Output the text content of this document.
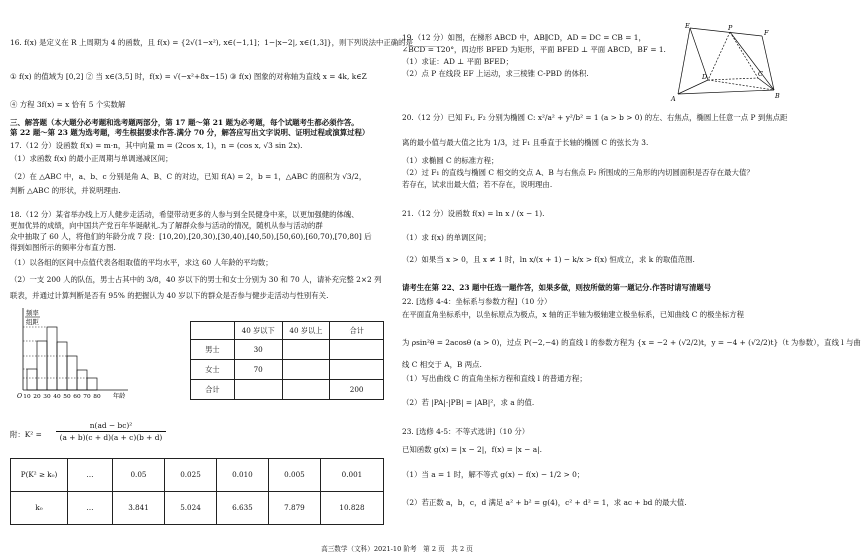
16. f(x) 是定义在 R 上周期为 4 的函数，且 f(x) = {2√(1−x²), x∈(−1,1]；1−|x−2|, x∈(1,3]}，则下列说法中正确的是________
① f(x) 的值域为 [0,2] ② 当 x∈(3,5] 时，f(x) = √(−x²+8x−15) ③ f(x) 图象的对称轴为直线 x = 4k, k∈Z
④ 方程 3f(x) = x 恰有 5 个实数解
三、解答题（本大题分必考题和选考题两部分，第 17 题～第 21 题为必考题，每个试题考生都必须作答。
第 22 题～第 23 题为选考题，考生根据要求作答.满分 70 分，解答应写出文字说明、证明过程或演算过程）
17.（12 分）设函数 f(x) = m·n，其中向量 m = (2cos x, 1)，n = (cos x, √3 sin 2x).
（1）求函数 f(x) 的最小正周期与单调递减区间；
（2）在 △ABC 中，a、b、c 分别是角 A、B、C 的对边，已知 f(A) = 2，b = 1，△ABC 的面积为 √3/2，
判断 △ABC 的形状，并说明理由.
18.（12 分）某省举办线上万人健步走活动，希望带动更多的人参与到全民健身中来，以更加强健的体魄、
更加优异的成绩，向中国共产党百年华诞献礼.为了解群众参与活动的情况，随机从参与活动的群
众中抽取了 60 人，将他们的年龄分成 7 段：[10,20),[20,30),[30,40),[40,50),[50,60),[60,70),[70,80] 后
得到如图所示的频率分布直方图.
（1）以各组的区间中点值代表各组取值的平均水平，求这 60 人年龄的平均数；
（2）一支 200 人的队伍，男士占其中的 3/8，40 岁以下的男士和女士分别为 30 和 70 人，请补充完整 2×2 列
联表，并通过计算判断是否有 95% 的把握认为 40 岁以下的群众是否参与健步走活动与性别有关.
频率
组距
O 10 20 30 40 50 60 70 80 年龄
	40 岁以下	40 岁以上	合计
男士	30		
女士	70		
合计			200
附：K² =
n(ad − bc)²
(a + b)(c + d)(a + c)(b + d)
P(K² ≥ k₀)	…	0.05	0.025	0.010	0.005	0.001
k₀	…	3.841	5.024	6.635	7.879	10.828
19.（12 分）如图，在梯形 ABCD 中，AB∥CD，AD = DC = CB = 1，
∠BCD = 120°，四边形 BFED 为矩形，平面 BFED ⊥ 平面 ABCD，BF = 1.
（1）求证：AD ⊥ 平面 BFED；
（2）点 P 在线段 EF 上运动，求三棱锥 C-PBD 的体积.
E
F
P
D	C
A	B
20.（12 分）已知 F₁, F₂ 分别为椭圆 C: x²/a² + y²/b² = 1 (a > b > 0) 的左、右焦点，椭圆上任意一点 P 到焦点距
离的最小值与最大值之比为 1/3，过 F₁ 且垂直于长轴的椭圆 C 的弦长为 3.
（1）求椭圆 C 的标准方程；
（2）过 F₁ 的直线与椭圆 C 相交的交点 A、B 与右焦点 F₂ 所围成的三角形的内切圆面积是否存在最大值？
若存在，试求出最大值；若不存在，说明理由.
21.（12 分）设函数 f(x) = ln x / (x − 1).
（1）求 f(x) 的单调区间；
（2）如果当 x > 0，且 x ≠ 1 时，ln x/(x + 1) − k/x > f(x) 恒成立，求 k 的取值范围.
请考生在第 22、23 题中任选一题作答，如果多做，则按所做的第一题记分.作答时请写清题号
22. [选修 4-4：坐标系与参数方程]（10 分）
在平面直角坐标系中，以坐标原点为极点，x 轴的正半轴为极轴建立极坐标系，已知曲线 C 的极坐标方程
为 ρsin²θ = 2acosθ (a > 0)，过点 P(−2,−4) 的直线 l 的参数方程为 {x = −2 + (√2/2)t，y = −4 + (√2/2)t}（t 为参数），直线 l 与曲
线 C 相交于 A，B 两点.
（1）写出曲线 C 的直角坐标方程和直线 l 的普通方程；
（2）若 |PA|·|PB| = |AB|²，求 a 的值.
23. [选修 4-5：不等式选讲]（10 分）
已知函数 g(x) = |x − 2|，f(x) = |x − a|.
（1）当 a = 1 时，解不等式 g(x) − f(x) − 1/2 > 0；
（2）若正数 a，b，c，d 满足 a² + b² = g(4)，c² + d² = 1，求 ac + bd 的最大值.
高三数学（文科）2021-10 阶考　第 2 页　共 2 页
